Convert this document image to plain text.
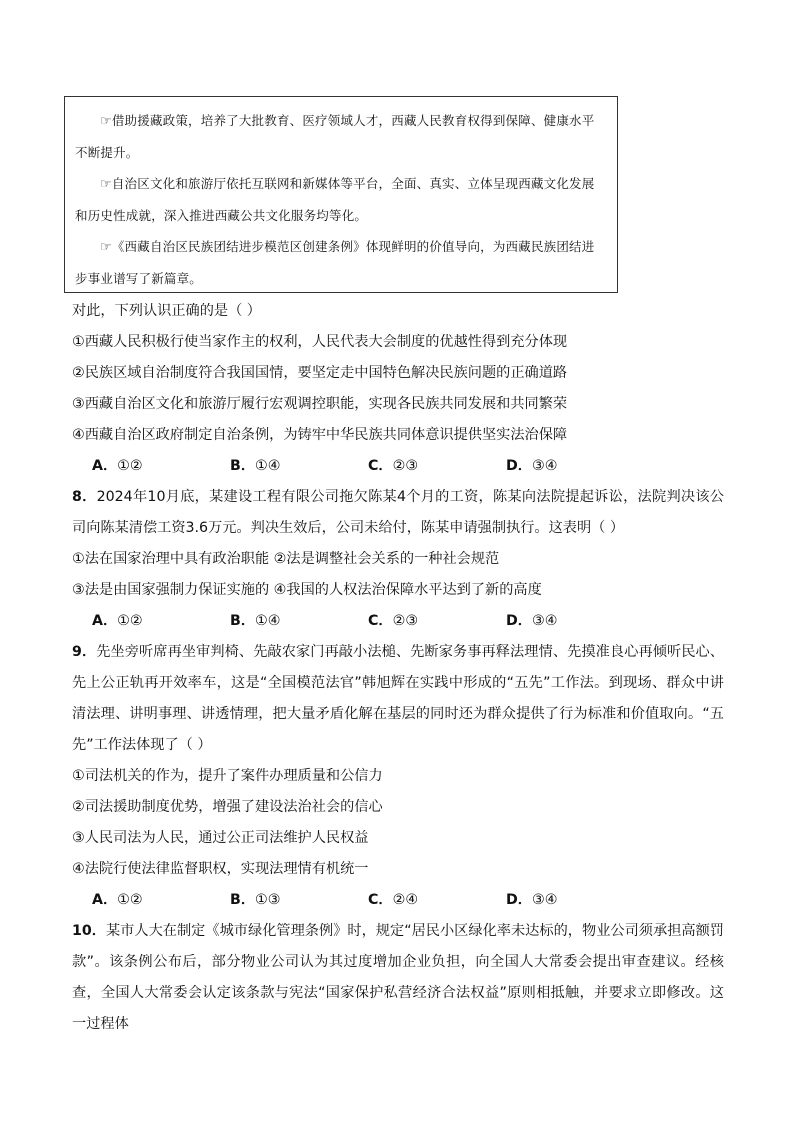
☞借助援藏政策，培养了大批教育、医疗领域人才，西藏人民教育权得到保障、健康水平不断提升。

☞自治区文化和旅游厅依托互联网和新媒体等平台，全面、真实、立体呈现西藏文化发展和历史性成就，深入推进西藏公共文化服务均等化。

☞《西藏自治区民族团结进步模范区创建条例》体现鲜明的价值导向，为西藏民族团结进步事业谱写了新篇章。

对此，下列认识正确的是（ ）

①西藏人民积极行使当家作主的权利，人民代表大会制度的优越性得到充分体现

②民族区域自治制度符合我国国情，要坚定走中国特色解决民族问题的正确道路

③西藏自治区文化和旅游厅履行宏观调控职能，实现各民族共同发展和共同繁荣

④西藏自治区政府制定自治条例，为铸牢中华民族共同体意识提供坚实法治保障

A．①②	B．①④	C．②③	D．③④

8．2024年10月底，某建设工程有限公司拖欠陈某4个月的工资，陈某向法院提起诉讼，法院判决该公司向陈某清偿工资3.6万元。判决生效后，公司未给付，陈某申请强制执行。这表明（ ）

①法在国家治理中具有政治职能 ②法是调整社会关系的一种社会规范

③法是由国家强制力保证实施的 ④我国的人权法治保障水平达到了新的高度

A．①②	B．①④	C．②③	D．③④

9．先坐旁听席再坐审判椅、先敲农家门再敲小法槌、先断家务事再释法理情、先摸准良心再倾听民心、先上公正轨再开效率车，这是“全国模范法官”韩旭辉在实践中形成的“五先”工作法。到现场、群众中讲清法理、讲明事理、讲透情理，把大量矛盾化解在基层的同时还为群众提供了行为标准和价值取向。“五先”工作法体现了（ ）

①司法机关的作为，提升了案件办理质量和公信力

②司法援助制度优势，增强了建设法治社会的信心

③人民司法为人民，通过公正司法维护人民权益

④法院行使法律监督职权，实现法理情有机统一

A．①②	B．①③	C．②④	D．③④

10．某市人大在制定《城市绿化管理条例》时，规定“居民小区绿化率未达标的，物业公司须承担高额罚款”。该条例公布后，部分物业公司认为其过度增加企业负担，向全国人大常委会提出审查建议。经核查，全国人大常委会认定该条款与宪法“国家保护私营经济合法权益”原则相抵触，并要求立即修改。这一过程体
